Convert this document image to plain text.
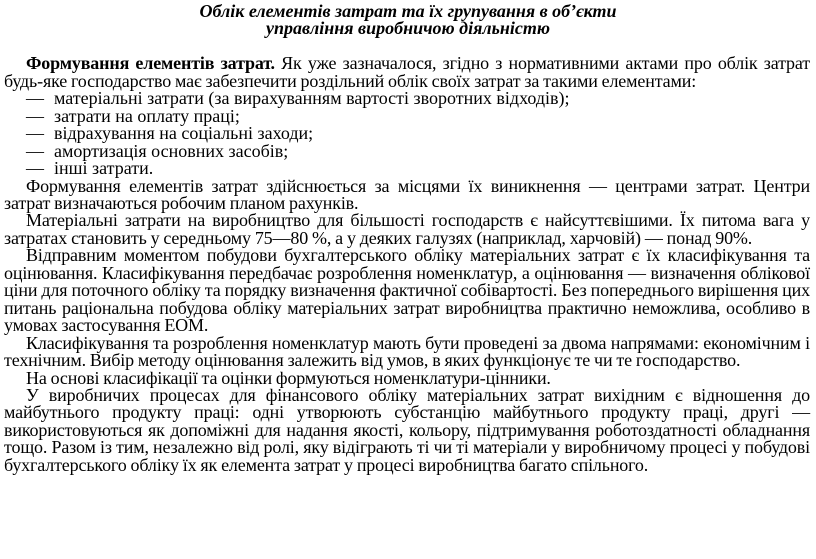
Облік елементів затрат та їх групування в об’єкти
управління виробничою діяльністю

Формування елементів затрат. Як уже зазначалося, згідно з нормативними актами про облік затрат будь-яке господарство має забезпечити роздільний облік своїх затрат за такими елементами:

— матеріальні затрати (за вирахуванням вартості зворотних відходів);
— затрати на оплату праці;
— відрахування на соціальні заходи;
— амортизація основних засобів;
— інші затрати.

Формування елементів затрат здійснюється за місцями їх виникнення — центрами затрат. Центри затрат визначаються робочим планом рахунків.

Матеріальні затрати на виробництво для більшості господарств є найсуттєвішими. Їх питома вага у затратах становить у середньому 75—80 %, а у деяких галузях (наприклад, харчовій) — понад 90%.

Відправним моментом побудови бухгалтерського обліку матеріальних затрат є їх класифікування та оцінювання. Класифікування передбачає розроблення номенклатур, а оцінювання — визначення облікової ціни для поточного обліку та порядку визначення фактичної собівартості. Без попереднього вирішення цих питань раціональна побудова обліку матеріальних затрат виробництва практично неможлива, особливо в умовах застосування ЕОМ.

Класифікування та розроблення номенклатур мають бути проведені за двома напрямами: економічним і технічним. Вибір методу оцінювання залежить від умов, в яких функціонує те чи те господарство.

На основі класифікації та оцінки формуються номенклатури-цінники.

У виробничих процесах для фінансового обліку матеріальних затрат вихідним є відношення до майбутнього продукту праці: одні утворюють субстанцію майбутнього продукту праці, другі — використовуються як допоміжні для надання якості, кольору, підтримування роботоздатності обладнання тощо. Разом із тим, незалежно від ролі, яку відіграють ті чи ті матеріали у виробничому процесі у побудові бухгалтерського обліку їх як елемента затрат у процесі виробництва багато спільного.
